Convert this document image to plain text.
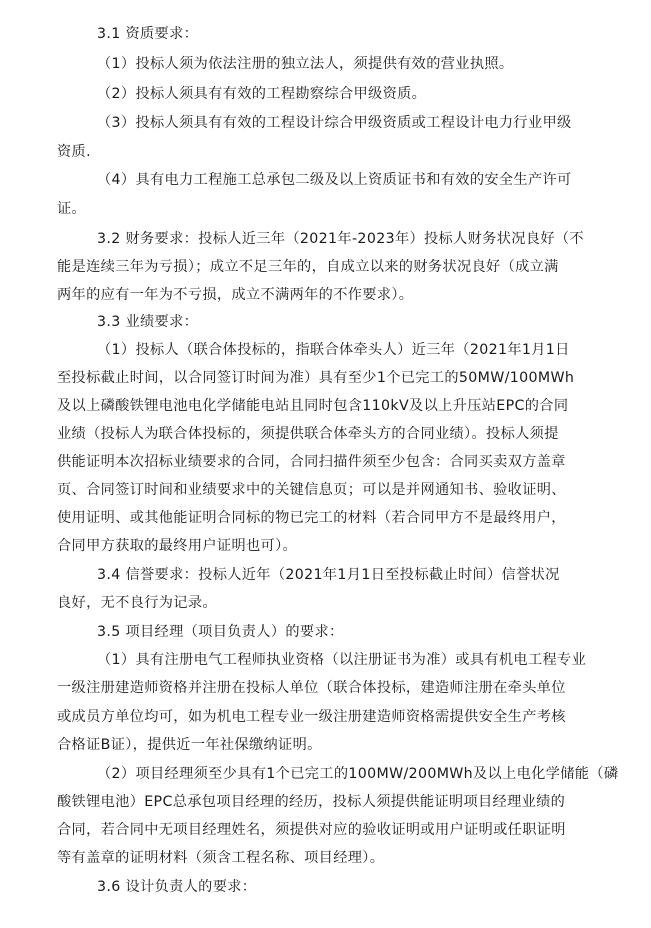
3.1 资质要求：
（1）投标人须为依法注册的独立法人，须提供有效的营业执照。
（2）投标人须具有有效的工程勘察综合甲级资质。
（3）投标人须具有有效的工程设计综合甲级资质或工程设计电力行业甲级
资质.
（4）具有电力工程施工总承包二级及以上资质证书和有效的安全生产许可
证。
3.2 财务要求：投标人近三年（2021年-2023年）投标人财务状况良好（不
能是连续三年为亏损）；成立不足三年的，自成立以来的财务状况良好（成立满
两年的应有一年为不亏损，成立不满两年的不作要求）。
3.3 业绩要求：
（1）投标人（联合体投标的，指联合体牵头人）近三年（2021年1月1日
至投标截止时间，以合同签订时间为准）具有至少1个已完工的50MW/100MWh
及以上磷酸铁锂电池电化学储能电站且同时包含110kV及以上升压站EPC的合同
业绩（投标人为联合体投标的，须提供联合体牵头方的合同业绩）。投标人须提
供能证明本次招标业绩要求的合同，合同扫描件须至少包含：合同买卖双方盖章
页、合同签订时间和业绩要求中的关键信息页；可以是并网通知书、验收证明、
使用证明、或其他能证明合同标的物已完工的材料（若合同甲方不是最终用户，
合同甲方获取的最终用户证明也可）。
3.4 信誉要求：投标人近年（2021年1月1日至投标截止时间）信誉状况
良好，无不良行为记录。
3.5 项目经理（项目负责人）的要求：
（1）具有注册电气工程师执业资格（以注册证书为准）或具有机电工程专业
一级注册建造师资格并注册在投标人单位（联合体投标，建造师注册在牵头单位
或成员方单位均可，如为机电工程专业一级注册建造师资格需提供安全生产考核
合格证B证），提供近一年社保缴纳证明。
（2）项目经理须至少具有1个已完工的100MW/200MWh及以上电化学储能（磷
酸铁锂电池）EPC总承包项目经理的经历，投标人须提供能证明项目经理业绩的
合同，若合同中无项目经理姓名，须提供对应的验收证明或用户证明或任职证明
等有盖章的证明材料（须含工程名称、项目经理）。
3.6 设计负责人的要求：
